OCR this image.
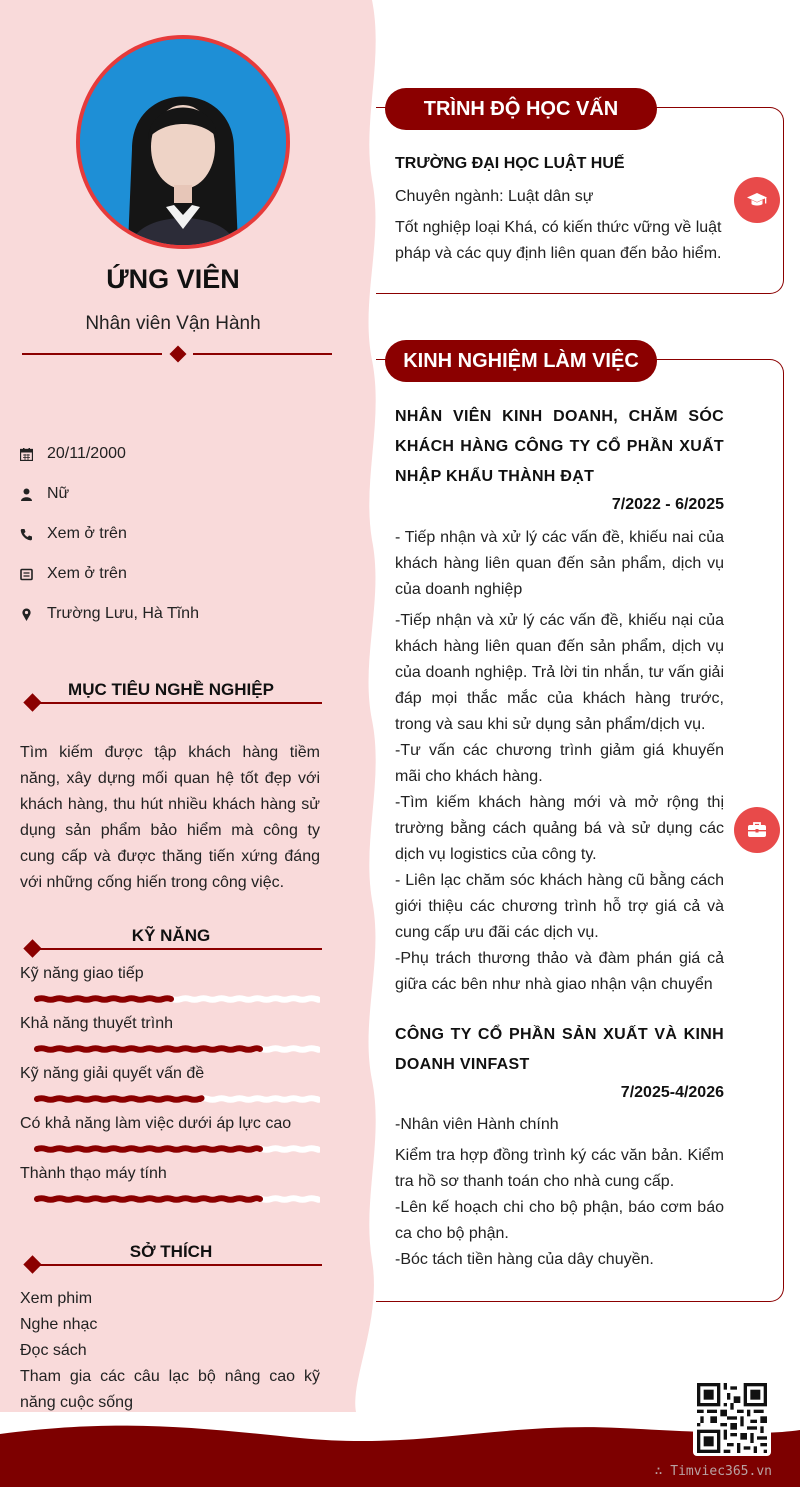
ỨNG VIÊN
Nhân viên Vận Hành
20/11/2000
Nữ
Xem ở trên
Xem ở trên
Trường Lưu, Hà Tĩnh
MỤC TIÊU NGHỀ NGHIỆP
Tìm kiếm được tập khách hàng tiềm năng, xây dựng mối quan hệ tốt đẹp với khách hàng, thu hút nhiều khách hàng sử dụng sản phẩm bảo hiểm mà công ty cung cấp và được thăng tiến xứng đáng với những cống hiến trong công việc.
KỸ NĂNG
Kỹ năng giao tiếp
Khả năng thuyết trình
Kỹ năng giải quyết vấn đề
Có khả năng làm việc dưới áp lực cao
Thành thạo máy tính
SỞ THÍCH
Xem phim
Nghe nhạc
Đọc sách
Tham gia các câu lạc bộ nâng cao kỹ năng cuộc sống
TRÌNH ĐỘ HỌC VẤN
TRƯỜNG ĐẠI HỌC LUẬT HUẾ
Chuyên ngành: Luật dân sự
Tốt nghiệp loại Khá, có kiến thức vững về luật pháp và các quy định liên quan đến bảo hiểm.
KINH NGHIỆM LÀM VIỆC
NHÂN VIÊN KINH DOANH, CHĂM SÓC KHÁCH HÀNG CÔNG TY CỔ PHẦN XUẤT NHẬP KHẨU THÀNH ĐẠT
7/2022 - 6/2025
- Tiếp nhận và xử lý các vấn đề, khiếu nai của khách hàng liên quan đến sản phẩm, dịch vụ của doanh nghiệp
-Tiếp nhận và xử lý các vấn đề, khiếu nại của khách hàng liên quan đến sản phẩm, dịch vụ của doanh nghiệp. Trả lời tin nhắn, tư vấn giải đáp mọi thắc mắc của khách hàng trước, trong và sau khi sử dụng sản phẩm/dịch vụ.
-Tư vấn các chương trình giảm giá khuyến mãi cho khách hàng.
-Tìm kiếm khách hàng mới và mở rộng thị trường bằng cách quảng bá và sử dụng các dịch vụ logistics của công ty.
- Liên lạc chăm sóc khách hàng cũ bằng cách giới thiệu các chương trình hỗ trợ giá cả và cung cấp ưu đãi các dịch vụ.
-Phụ trách thương thảo và đàm phán giá cả giữa các bên như nhà giao nhận vận chuyển
CÔNG TY CỔ PHẦN SẢN XUẤT VÀ KINH DOANH VINFAST
7/2025-4/2026
-Nhân viên Hành chính
Kiểm tra hợp đồng trình ký các văn bản. Kiểm tra hồ sơ thanh toán cho nhà cung cấp.
-Lên kế hoạch chi cho bộ phận, báo cơm báo ca cho bộ phận.
-Bóc tách tiền hàng của dây chuyền.
∴ Timviec365.vn
